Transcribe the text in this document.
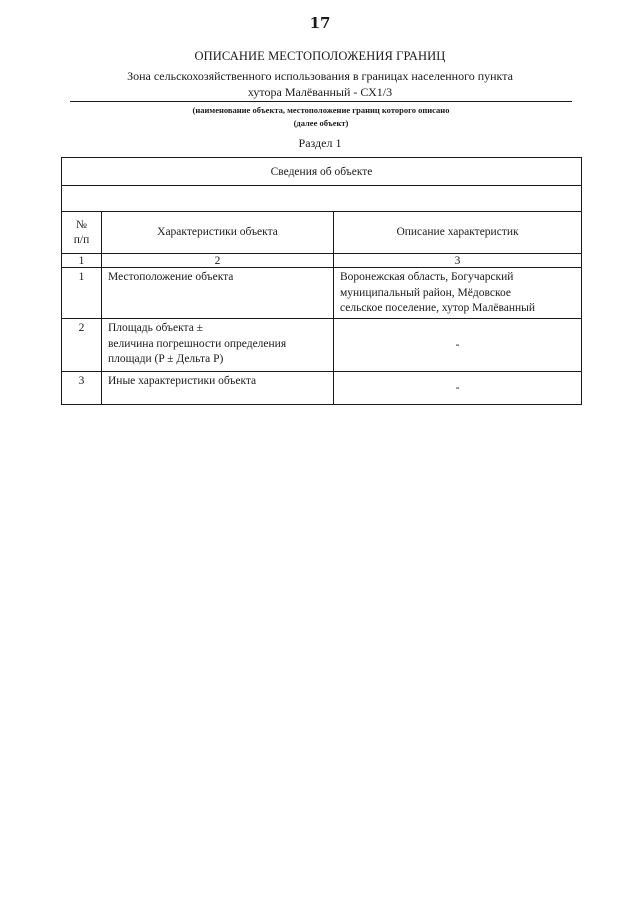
17
ОПИСАНИЕ МЕСТОПОЛОЖЕНИЯ ГРАНИЦ
Зона сельскохозяйственного использования в границах населенного пункта
хутора Малёванный - СХ1/3
(наименование объекта, местоположение границ которого описано
(далее объект)
Раздел 1
Сведения об объекте		

№
п/п	Характеристики объекта	Описание характеристик
1	2	3
1	Местоположение объекта	Воронежская область, Богучарский
муниципальный район, Мёдовское
сельское поселение, хутор Малёванный

2	Площадь объекта ±
величина погрешности определения
площади (P ± Дельта P)	-

3	Иные характеристики объекта	-
